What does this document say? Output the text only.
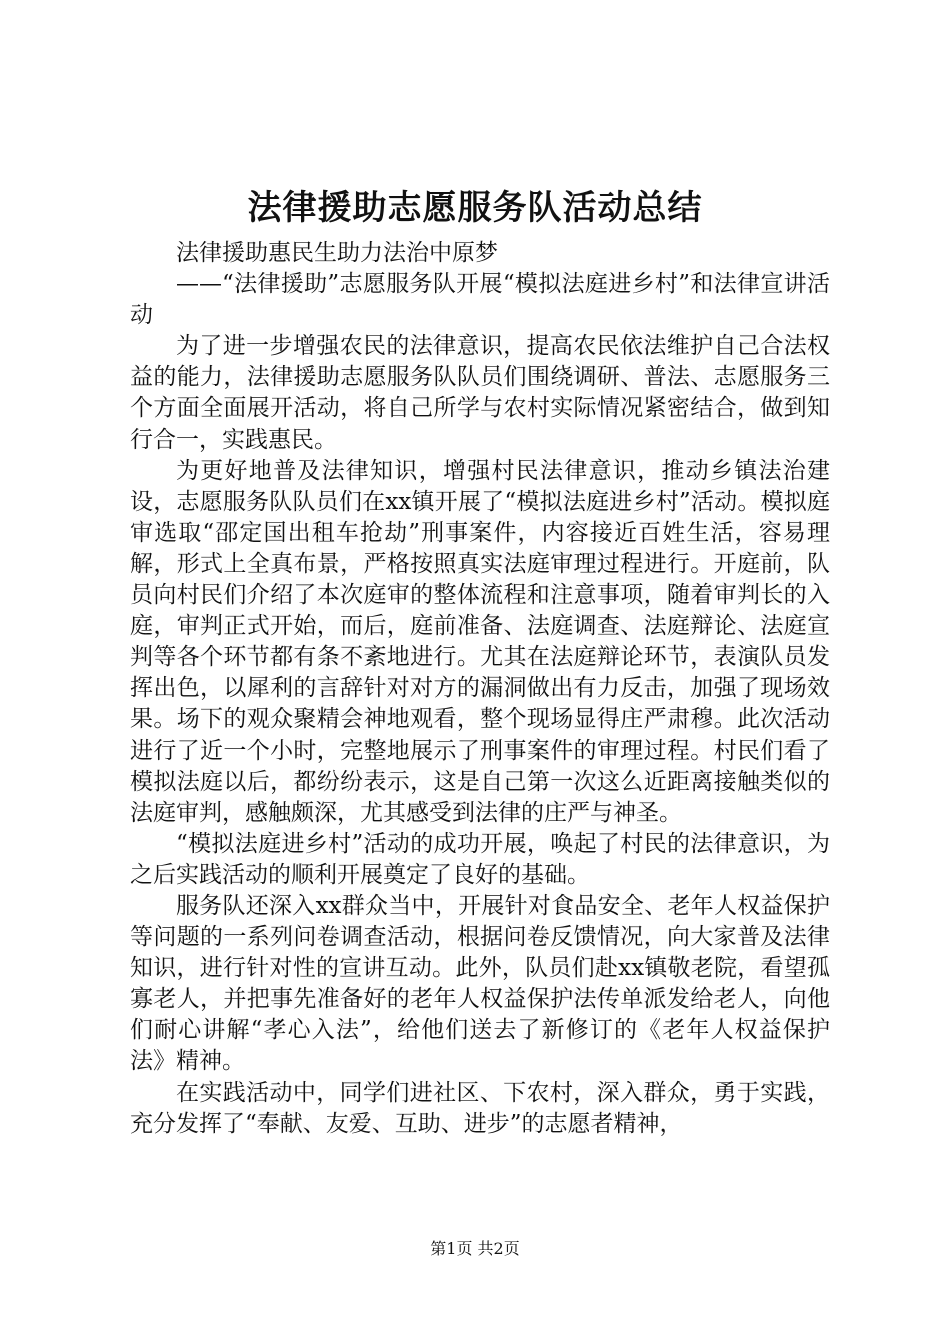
法律援助志愿服务队活动总结

法律援助惠民生助力法治中原梦

——“法律援助”志愿服务队开展“模拟法庭进乡村”和法律宣讲活动

为了进一步增强农民的法律意识，提高农民依法维护自己合法权益的能力，法律援助志愿服务队队员们围绕调研、普法、志愿服务三个方面全面展开活动，将自己所学与农村实际情况紧密结合，做到知行合一，实践惠民。

为更好地普及法律知识，增强村民法律意识，推动乡镇法治建设，志愿服务队队员们在xx镇开展了“模拟法庭进乡村”活动。模拟庭审选取“邵定国出租车抢劫”刑事案件，内容接近百姓生活，容易理解，形式上全真布景，严格按照真实法庭审理过程进行。开庭前，队员向村民们介绍了本次庭审的整体流程和注意事项，随着审判长的入庭，审判正式开始，而后，庭前准备、法庭调查、法庭辩论、法庭宣判等各个环节都有条不紊地进行。尤其在法庭辩论环节，表演队员发挥出色，以犀利的言辞针对对方的漏洞做出有力反击，加强了现场效果。场下的观众聚精会神地观看，整个现场显得庄严肃穆。此次活动进行了近一个小时，完整地展示了刑事案件的审理过程。村民们看了模拟法庭以后，都纷纷表示，这是自己第一次这么近距离接触类似的法庭审判，感触颇深，尤其感受到法律的庄严与神圣。

“模拟法庭进乡村”活动的成功开展，唤起了村民的法律意识，为之后实践活动的顺利开展奠定了良好的基础。

服务队还深入xx群众当中，开展针对食品安全、老年人权益保护等问题的一系列问卷调查活动，根据问卷反馈情况，向大家普及法律知识，进行针对性的宣讲互动。此外，队员们赴xx镇敬老院，看望孤寡老人，并把事先准备好的老年人权益保护法传单派发给老人，向他们耐心讲解“孝心入法”，给他们送去了新修订的《老年人权益保护法》精神。

在实践活动中，同学们进社区、下农村，深入群众，勇于实践，充分发挥了“奉献、友爱、互助、进步”的志愿者精神，

第1页 共2页
